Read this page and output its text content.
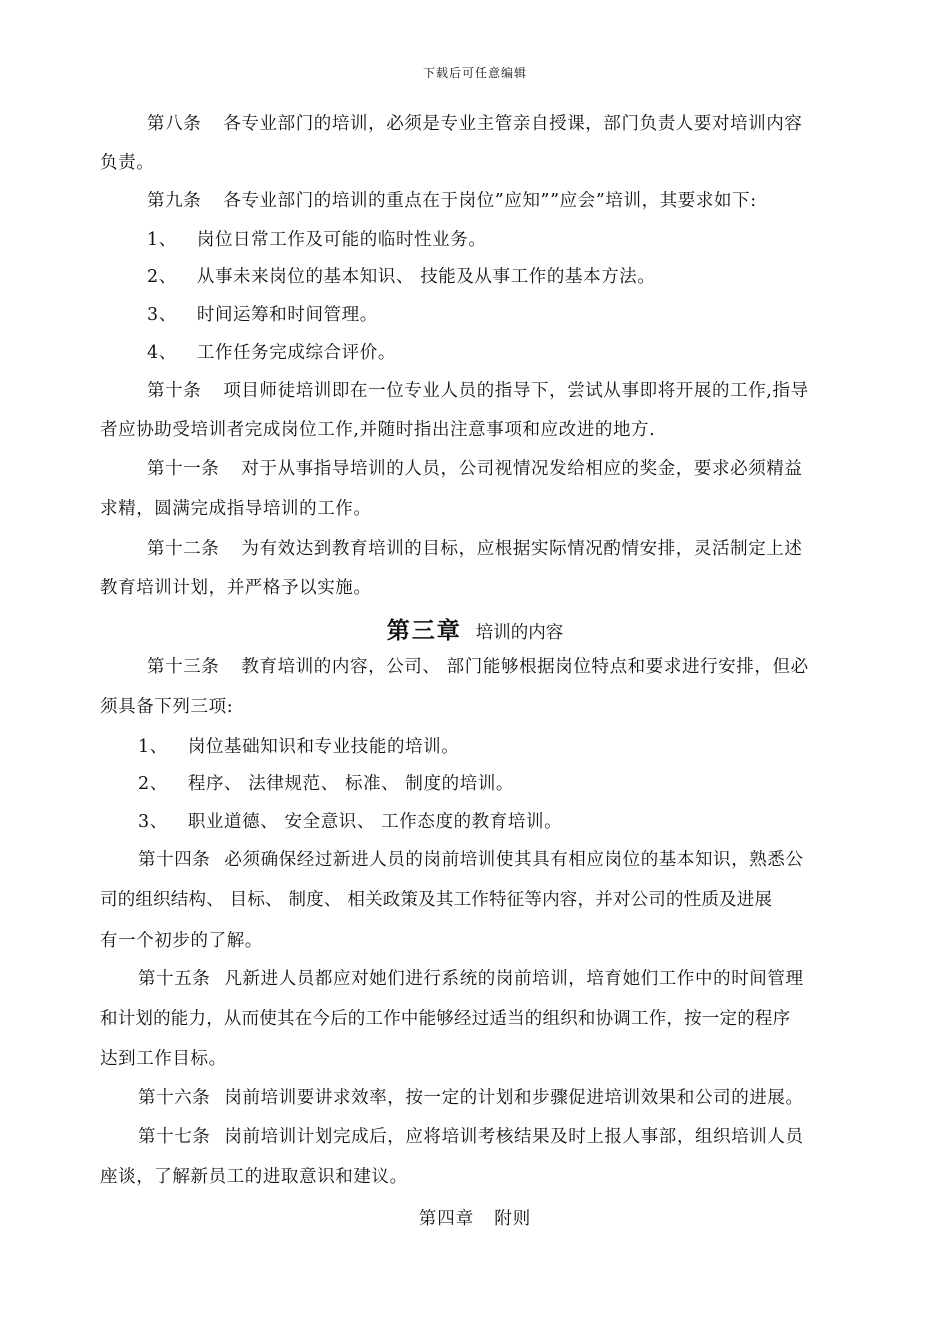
下载后可任意编辑
第八条 各专业部门的培训，必须是专业主管亲自授课，部门负责人要对培训内容
负责。
第九条 各专业部门的培训的重点在于岗位”应知””应会”培训，其要求如下:
1、 岗位日常工作及可能的临时性业务。
2、 从事未来岗位的基本知识、 技能及从事工作的基本方法。
3、 时间运筹和时间管理。
4、 工作任务完成综合评价。
第十条 项目师徒培训即在一位专业人员的指导下，尝试从事即将开展的工作,指导
者应协助受培训者完成岗位工作,并随时指出注意事项和应改进的地方.
第十一条 对于从事指导培训的人员，公司视情况发给相应的奖金，要求必须精益
求精，圆满完成指导培训的工作。
第十二条 为有效达到教育培训的目标，应根据实际情况酌情安排，灵活制定上述
教育培训计划，并严格予以实施。
第三章 培训的内容
第十三条 教育培训的内容，公司、 部门能够根据岗位特点和要求进行安排，但必
须具备下列三项:
1、 岗位基础知识和专业技能的培训。
2、 程序、 法律规范、 标准、 制度的培训。
3、 职业道德、 安全意识、 工作态度的教育培训。
第十四条 必须确保经过新进人员的岗前培训使其具有相应岗位的基本知识，熟悉公
司的组织结构、 目标、 制度、 相关政策及其工作特征等内容，并对公司的性质及进展
有一个初步的了解。
第十五条 凡新进人员都应对她们进行系统的岗前培训，培育她们工作中的时间管理
和计划的能力，从而使其在今后的工作中能够经过适当的组织和协调工作，按一定的程序
达到工作目标。
第十六条 岗前培训要讲求效率，按一定的计划和步骤促进培训效果和公司的进展。
第十七条 岗前培训计划完成后，应将培训考核结果及时上报人事部，组织培训人员
座谈，了解新员工的进取意识和建议。
第四章 附则
